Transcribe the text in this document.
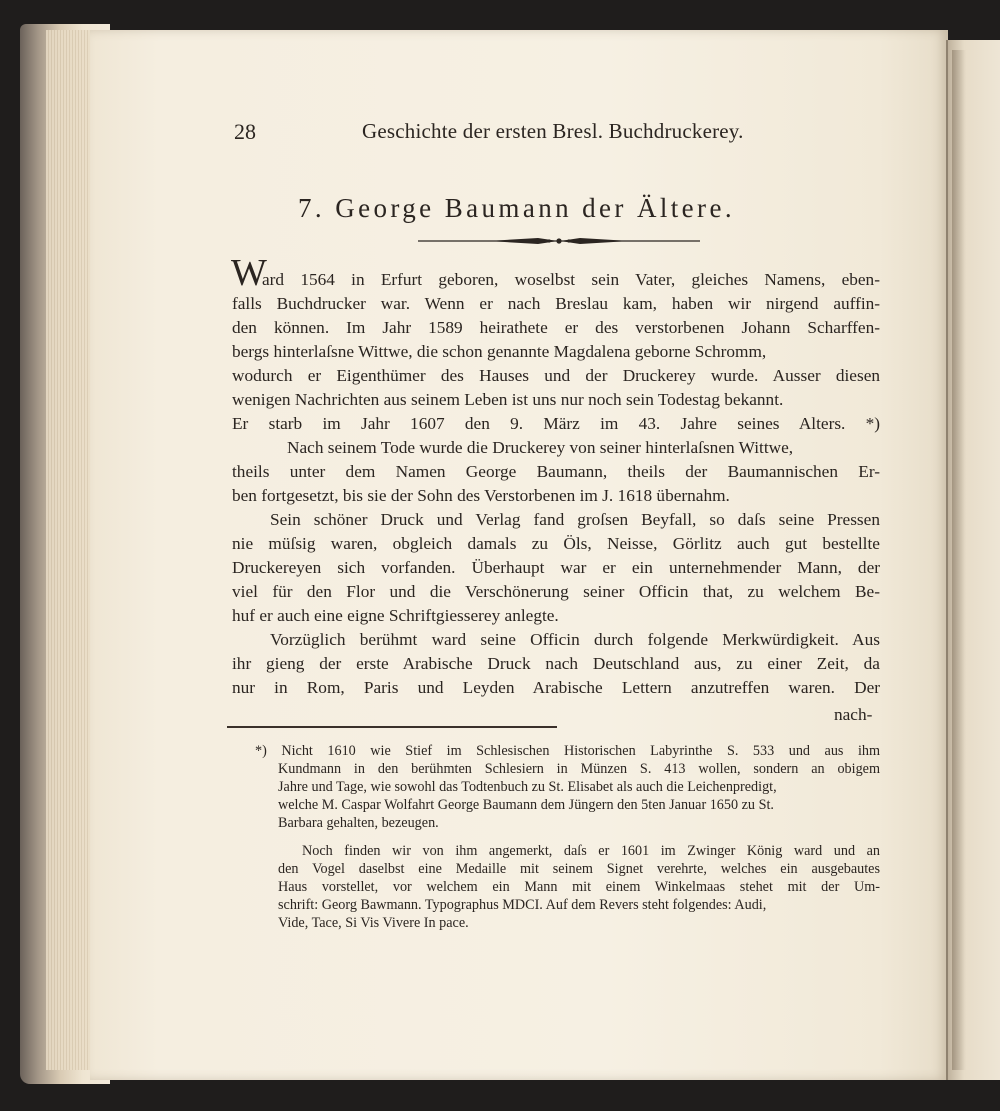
28	Geschichte der ersten Bresl. Buchdruckerey.
7. George Baumann der Ältere.
W
ard 1564 in Erfurt geboren, woselbst sein Vater, gleiches Namens, eben-
falls Buchdrucker war. Wenn er nach Breslau kam, haben wir nirgend auffin-
den können. Im Jahr 1589 heirathete er des verstorbenen Johann Scharffen-
bergs hinterlaſsne Wittwe, die schon genannte Magdalena geborne Schromm,
wodurch er Eigenthümer des Hauses und der Druckerey wurde. Ausser diesen
wenigen Nachrichten aus seinem Leben ist uns nur noch sein Todestag bekannt.
Er starb im Jahr 1607 den 9. März im 43. Jahre seines Alters. *)
Nach seinem Tode wurde die Druckerey von seiner hinterlaſsnen Wittwe,
theils unter dem Namen George Baumann, theils der Baumannischen Er-
ben fortgesetzt, bis sie der Sohn des Verstorbenen im J. 1618 übernahm.
Sein schöner Druck und Verlag fand groſsen Beyfall, so daſs seine Pressen
nie müſsig waren, obgleich damals zu Öls, Neisse, Görlitz auch gut bestellte
Druckereyen sich vorfanden. Überhaupt war er ein unternehmender Mann, der
viel für den Flor und die Verschönerung seiner Officin that, zu welchem Be-
huf er auch eine eigne Schriftgiesserey anlegte.
Vorzüglich berühmt ward seine Officin durch folgende Merkwürdigkeit. Aus
ihr gieng der erste Arabische Druck nach Deutschland aus, zu einer Zeit, da
nur in Rom, Paris und Leyden Arabische Lettern anzutreffen waren. Der
nach-
*) Nicht 1610 wie Stief im Schlesischen Historischen Labyrinthe S. 533 und aus ihm
Kundmann in den berühmten Schlesiern in Münzen S. 413 wollen, sondern an obigem
Jahre und Tage, wie sowohl das Todtenbuch zu St. Elisabet als auch die Leichenpredigt,
welche M. Caspar Wolfahrt George Baumann dem Jüngern den 5ten Januar 1650 zu St.
Barbara gehalten, bezeugen.
Noch finden wir von ihm angemerkt, daſs er 1601 im Zwinger König ward und an
den Vogel daselbst eine Medaille mit seinem Signet verehrte, welches ein ausgebautes
Haus vorstellet, vor welchem ein Mann mit einem Winkelmaas stehet mit der Um-
schrift: Georg Bawmann. Typographus MDCI. Auf dem Revers steht folgendes: Audi,
Vide, Tace, Si Vis Vivere In pace.
